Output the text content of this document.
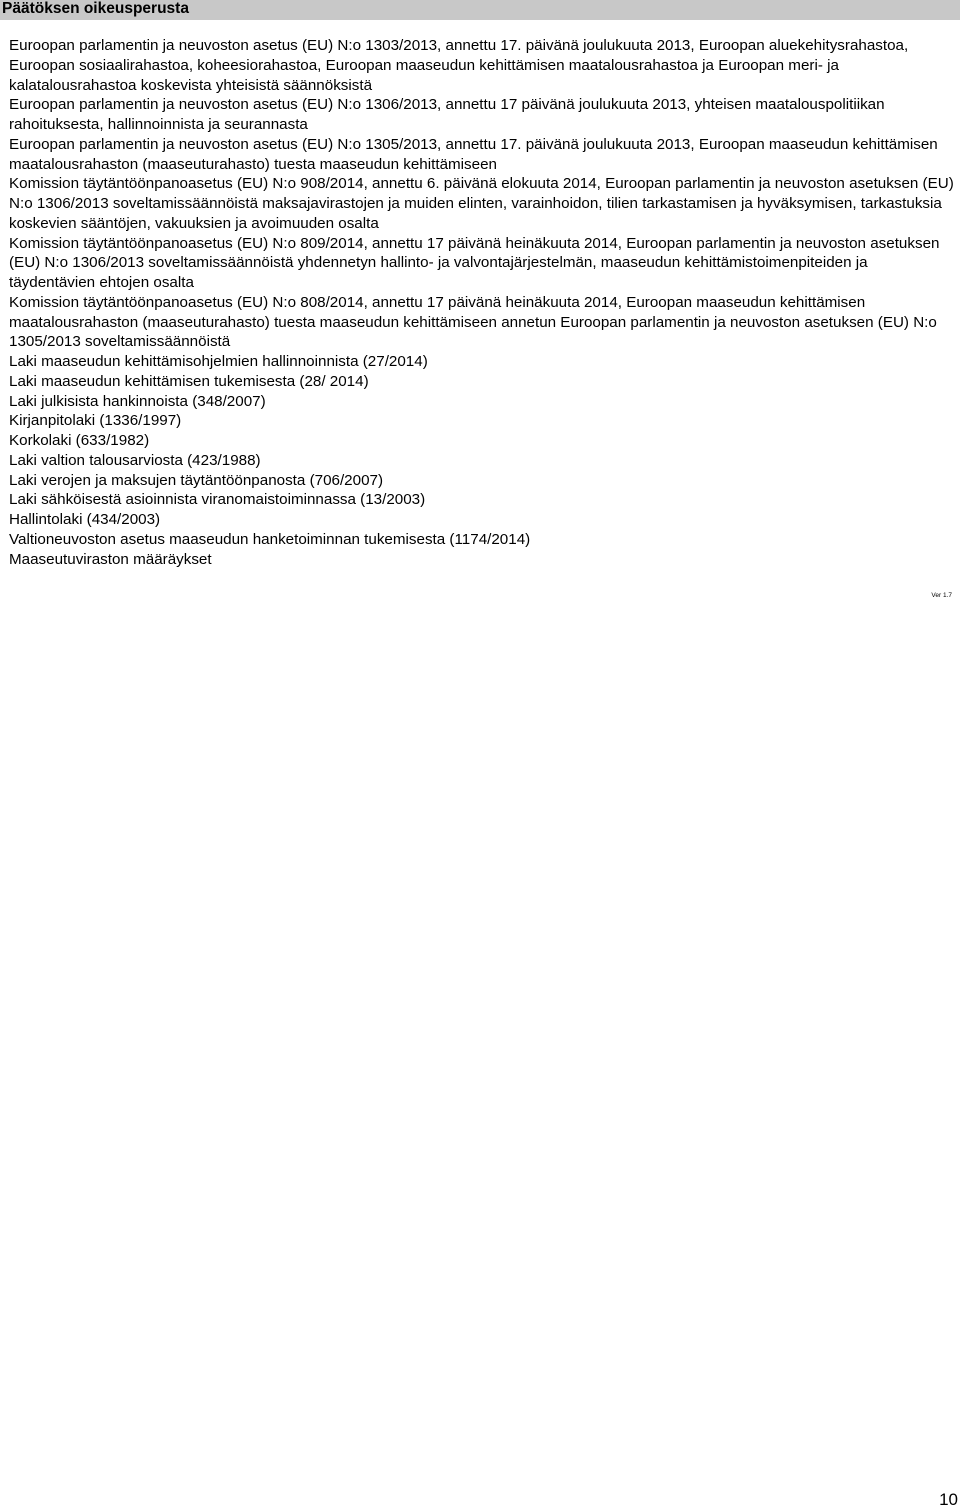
Päätöksen oikeusperusta
Euroopan parlamentin ja neuvoston asetus (EU) N:o 1303/2013, annettu 17. päivänä joulukuuta 2013, Euroopan aluekehitysrahastoa, Euroopan sosiaalirahastoa, koheesiorahastoa, Euroopan maaseudun kehittämisen maatalousrahastoa ja Euroopan meri- ja kalatalousrahastoa koskevista yhteisistä säännöksistä
Euroopan parlamentin ja neuvoston asetus (EU) N:o 1306/2013, annettu 17 päivänä joulukuuta 2013, yhteisen maatalouspolitiikan rahoituksesta, hallinnoinnista ja seurannasta
Euroopan parlamentin ja neuvoston asetus (EU) N:o 1305/2013, annettu 17. päivänä joulukuuta 2013, Euroopan maaseudun kehittämisen maatalousrahaston (maaseuturahasto) tuesta maaseudun kehittämiseen
Komission täytäntöönpanoasetus (EU) N:o 908/2014, annettu 6. päivänä elokuuta 2014, Euroopan parlamentin ja neuvoston asetuksen (EU) N:o 1306/2013 soveltamissäännöistä maksajavirastojen ja muiden elinten, varainhoidon, tilien tarkastamisen ja hyväksymisen, tarkastuksia koskevien sääntöjen, vakuuksien ja avoimuuden osalta
Komission täytäntöönpanoasetus (EU) N:o 809/2014, annettu 17 päivänä heinäkuuta 2014, Euroopan parlamentin ja neuvoston asetuksen (EU) N:o 1306/2013 soveltamissäännöistä yhdennetyn hallinto- ja valvontajärjestelmän, maaseudun kehittämistoimenpiteiden ja täydentävien ehtojen osalta
Komission täytäntöönpanoasetus (EU) N:o 808/2014, annettu 17 päivänä heinäkuuta 2014, Euroopan maaseudun kehittämisen maatalousrahaston (maaseuturahasto) tuesta maaseudun kehittämiseen annetun Euroopan parlamentin ja neuvoston asetuksen (EU) N:o 1305/2013 soveltamissäännöistä
Laki maaseudun kehittämisohjelmien hallinnoinnista (27/2014)
Laki maaseudun kehittämisen tukemisesta (28/ 2014)
Laki julkisista hankinnoista (348/2007)
Kirjanpitolaki (1336/1997)
Korkolaki (633/1982)
Laki valtion talousarviosta (423/1988)
Laki verojen ja maksujen täytäntöönpanosta (706/2007)
Laki sähköisestä asioinnista viranomaistoiminnassa (13/2003)
Hallintolaki (434/2003)
Valtioneuvoston asetus maaseudun hanketoiminnan tukemisesta (1174/2014)
Maaseutuviraston määräykset
Ver 1.7
10
